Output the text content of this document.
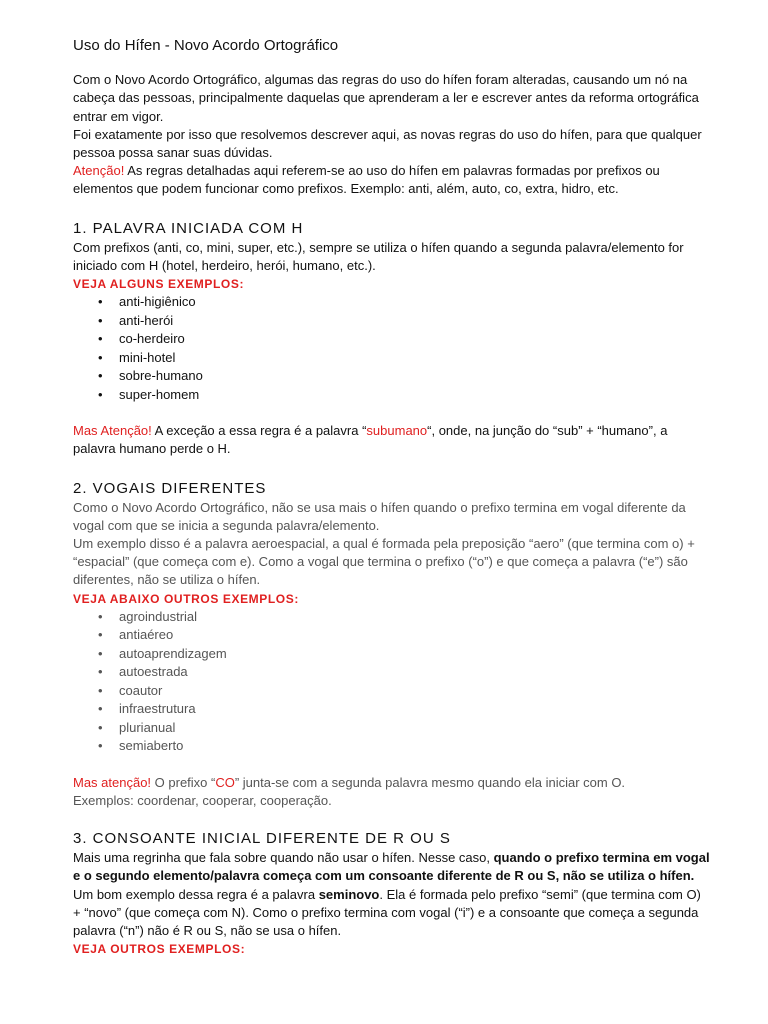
Uso do Hífen - Novo Acordo Ortográfico

Com o Novo Acordo Ortográfico, algumas das regras do uso do hífen foram alteradas, causando um nó na cabeça das pessoas, principalmente daquelas que aprenderam a ler e escrever antes da reforma ortográfica entrar em vigor.

Foi exatamente por isso que resolvemos descrever aqui, as novas regras do uso do hífen, para que qualquer pessoa possa sanar suas dúvidas.

Atenção! As regras detalhadas aqui referem-se ao uso do hífen em palavras formadas por prefixos ou elementos que podem funcionar como prefixos. Exemplo: anti, além, auto, co, extra, hidro, etc.

1. PALAVRA INICIADA COM H

Com prefixos (anti, co, mini, super, etc.), sempre se utiliza o hífen quando a segunda palavra/elemento for iniciado com H (hotel, herdeiro, herói, humano, etc.).

VEJA ALGUNS EXEMPLOS:

• anti-higiênico
• anti-herói
• co-herdeiro
• mini-hotel
• sobre-humano
• super-homem

Mas Atenção! A exceção a essa regra é a palavra “subumano“, onde, na junção do “sub” + “humano”, a palavra humano perde o H.

2. VOGAIS DIFERENTES

Como o Novo Acordo Ortográfico, não se usa mais o hífen quando o prefixo termina em vogal diferente da vogal com que se inicia a segunda palavra/elemento.

Um exemplo disso é a palavra aeroespacial, a qual é formada pela preposição “aero” (que termina com o) + “espacial” (que começa com e). Como a vogal que termina o prefixo (“o”) e que começa a palavra (“e”) são diferentes, não se utiliza o hífen.

VEJA ABAIXO OUTROS EXEMPLOS:

• agroindustrial
• antiaéreo
• autoaprendizagem
• autoestrada
• coautor
• infraestrutura
• plurianual
• semiaberto

Mas atenção! O prefixo “CO” junta-se com a segunda palavra mesmo quando ela iniciar com O.

Exemplos: coordenar, cooperar, cooperação.

3. CONSOANTE INICIAL DIFERENTE DE R OU S

Mais uma regrinha que fala sobre quando não usar o hífen. Nesse caso, quando o prefixo termina em vogal e o segundo elemento/palavra começa com um consoante diferente de R ou S, não se utiliza o hífen.

Um bom exemplo dessa regra é a palavra seminovo. Ela é formada pelo prefixo “semi” (que termina com O) + “novo” (que começa com N). Como o prefixo termina com vogal (“i”) e a consoante que começa a segunda palavra (“n”) não é R ou S, não se usa o hífen.

VEJA OUTROS EXEMPLOS:
